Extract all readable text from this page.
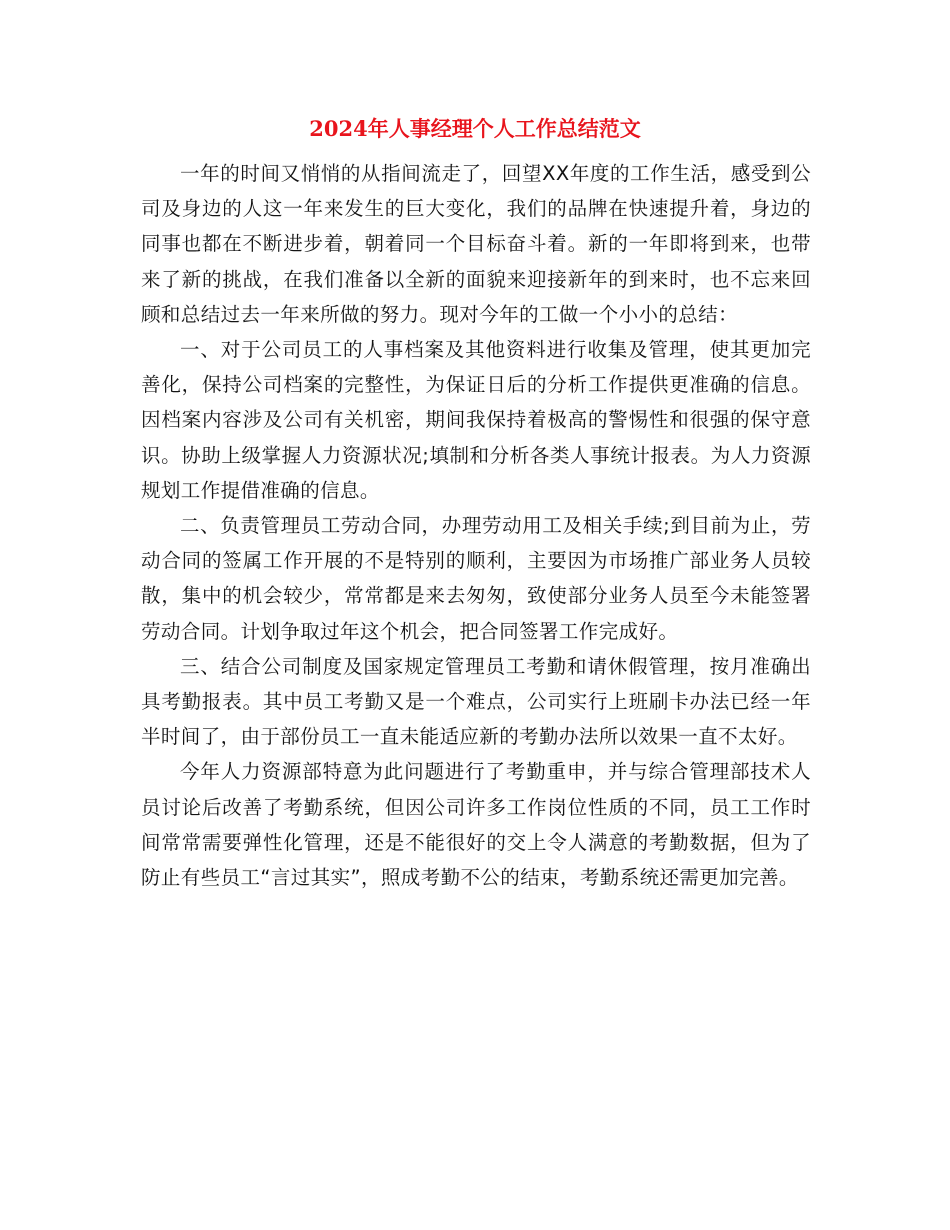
2024年人事经理个人工作总结范文

一年的时间又悄悄的从指间流走了，回望XX年度的工作生活，感受到公司及身边的人这一年来发生的巨大变化，我们的品牌在快速提升着，身边的同事也都在不断进步着，朝着同一个目标奋斗着。新的一年即将到来，也带来了新的挑战，在我们准备以全新的面貌来迎接新年的到来时，也不忘来回顾和总结过去一年来所做的努力。现对今年的工做一个小小的总结：

一、对于公司员工的人事档案及其他资料进行收集及管理，使其更加完善化，保持公司档案的完整性，为保证日后的分析工作提供更准确的信息。因档案内容涉及公司有关机密，期间我保持着极高的警惕性和很强的保守意识。协助上级掌握人力资源状况;填制和分析各类人事统计报表。为人力资源规划工作提借准确的信息。

二、负责管理员工劳动合同，办理劳动用工及相关手续;到目前为止，劳动合同的签属工作开展的不是特别的顺利，主要因为市场推广部业务人员较散，集中的机会较少，常常都是来去匆匆，致使部分业务人员至今未能签署劳动合同。计划争取过年这个机会，把合同签署工作完成好。

三、结合公司制度及国家规定管理员工考勤和请休假管理，按月准确出具考勤报表。其中员工考勤又是一个难点，公司实行上班刷卡办法已经一年半时间了，由于部份员工一直未能适应新的考勤办法所以效果一直不太好。

今年人力资源部特意为此问题进行了考勤重申，并与综合管理部技术人员讨论后改善了考勤系统，但因公司许多工作岗位性质的不同，员工工作时间常常需要弹性化管理，还是不能很好的交上令人满意的考勤数据，但为了防止有些员工“言过其实”，照成考勤不公的结束，考勤系统还需更加完善。
